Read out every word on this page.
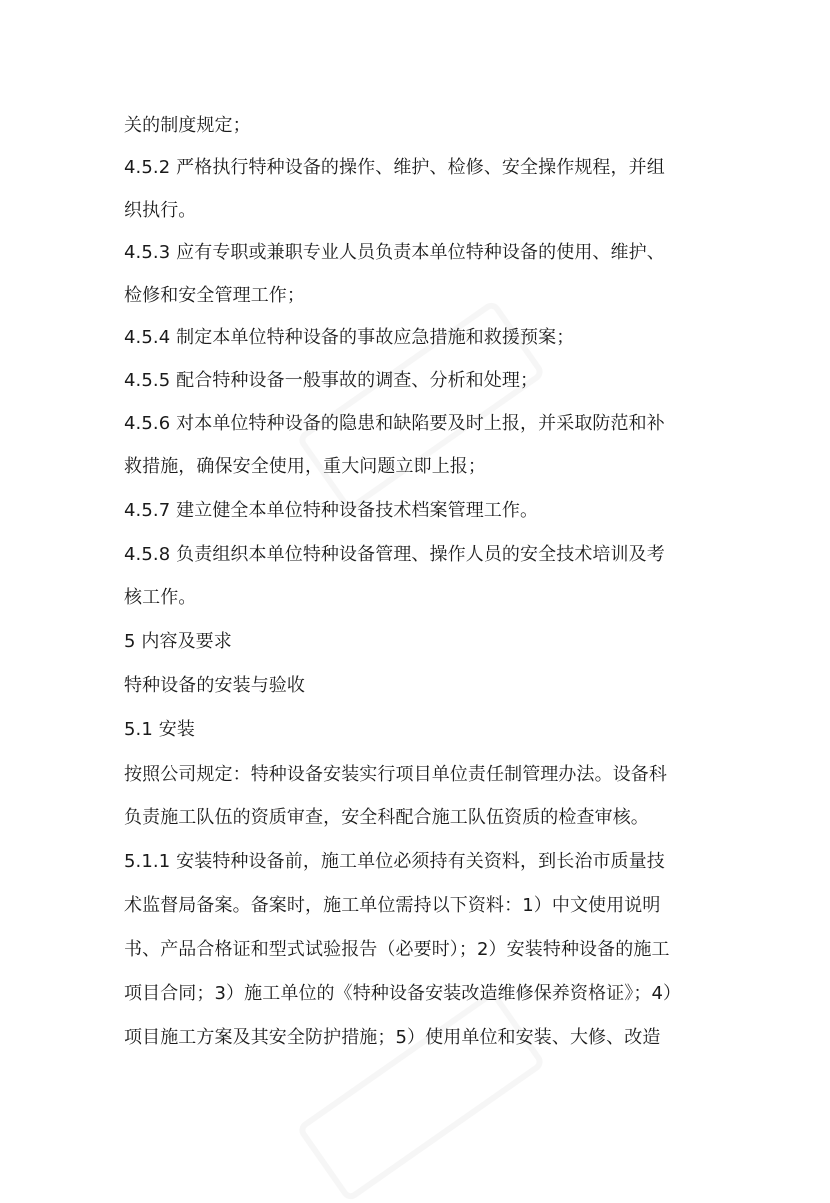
关的制度规定；
4.5.2 严格执行特种设备的操作、维护、检修、安全操作规程，并组
织执行。
4.5.3 应有专职或兼职专业人员负责本单位特种设备的使用、维护、
检修和安全管理工作；
4.5.4 制定本单位特种设备的事故应急措施和救援预案；
4.5.5 配合特种设备一般事故的调查、分析和处理；
4.5.6 对本单位特种设备的隐患和缺陷要及时上报，并采取防范和补
救措施，确保安全使用，重大问题立即上报；
4.5.7 建立健全本单位特种设备技术档案管理工作。
4.5.8 负责组织本单位特种设备管理、操作人员的安全技术培训及考
核工作。
5 内容及要求
特种设备的安装与验收
5.1 安装
按照公司规定：特种设备安装实行项目单位责任制管理办法。设备科
负责施工队伍的资质审查，安全科配合施工队伍资质的检查审核。
5.1.1 安装特种设备前，施工单位必须持有关资料，到长治市质量技
术监督局备案。备案时，施工单位需持以下资料：1）中文使用说明
书、产品合格证和型式试验报告（必要时）；2）安装特种设备的施工
项目合同；3）施工单位的《特种设备安装改造维修保养资格证》；4）
项目施工方案及其安全防护措施；5）使用单位和安装、大修、改造
